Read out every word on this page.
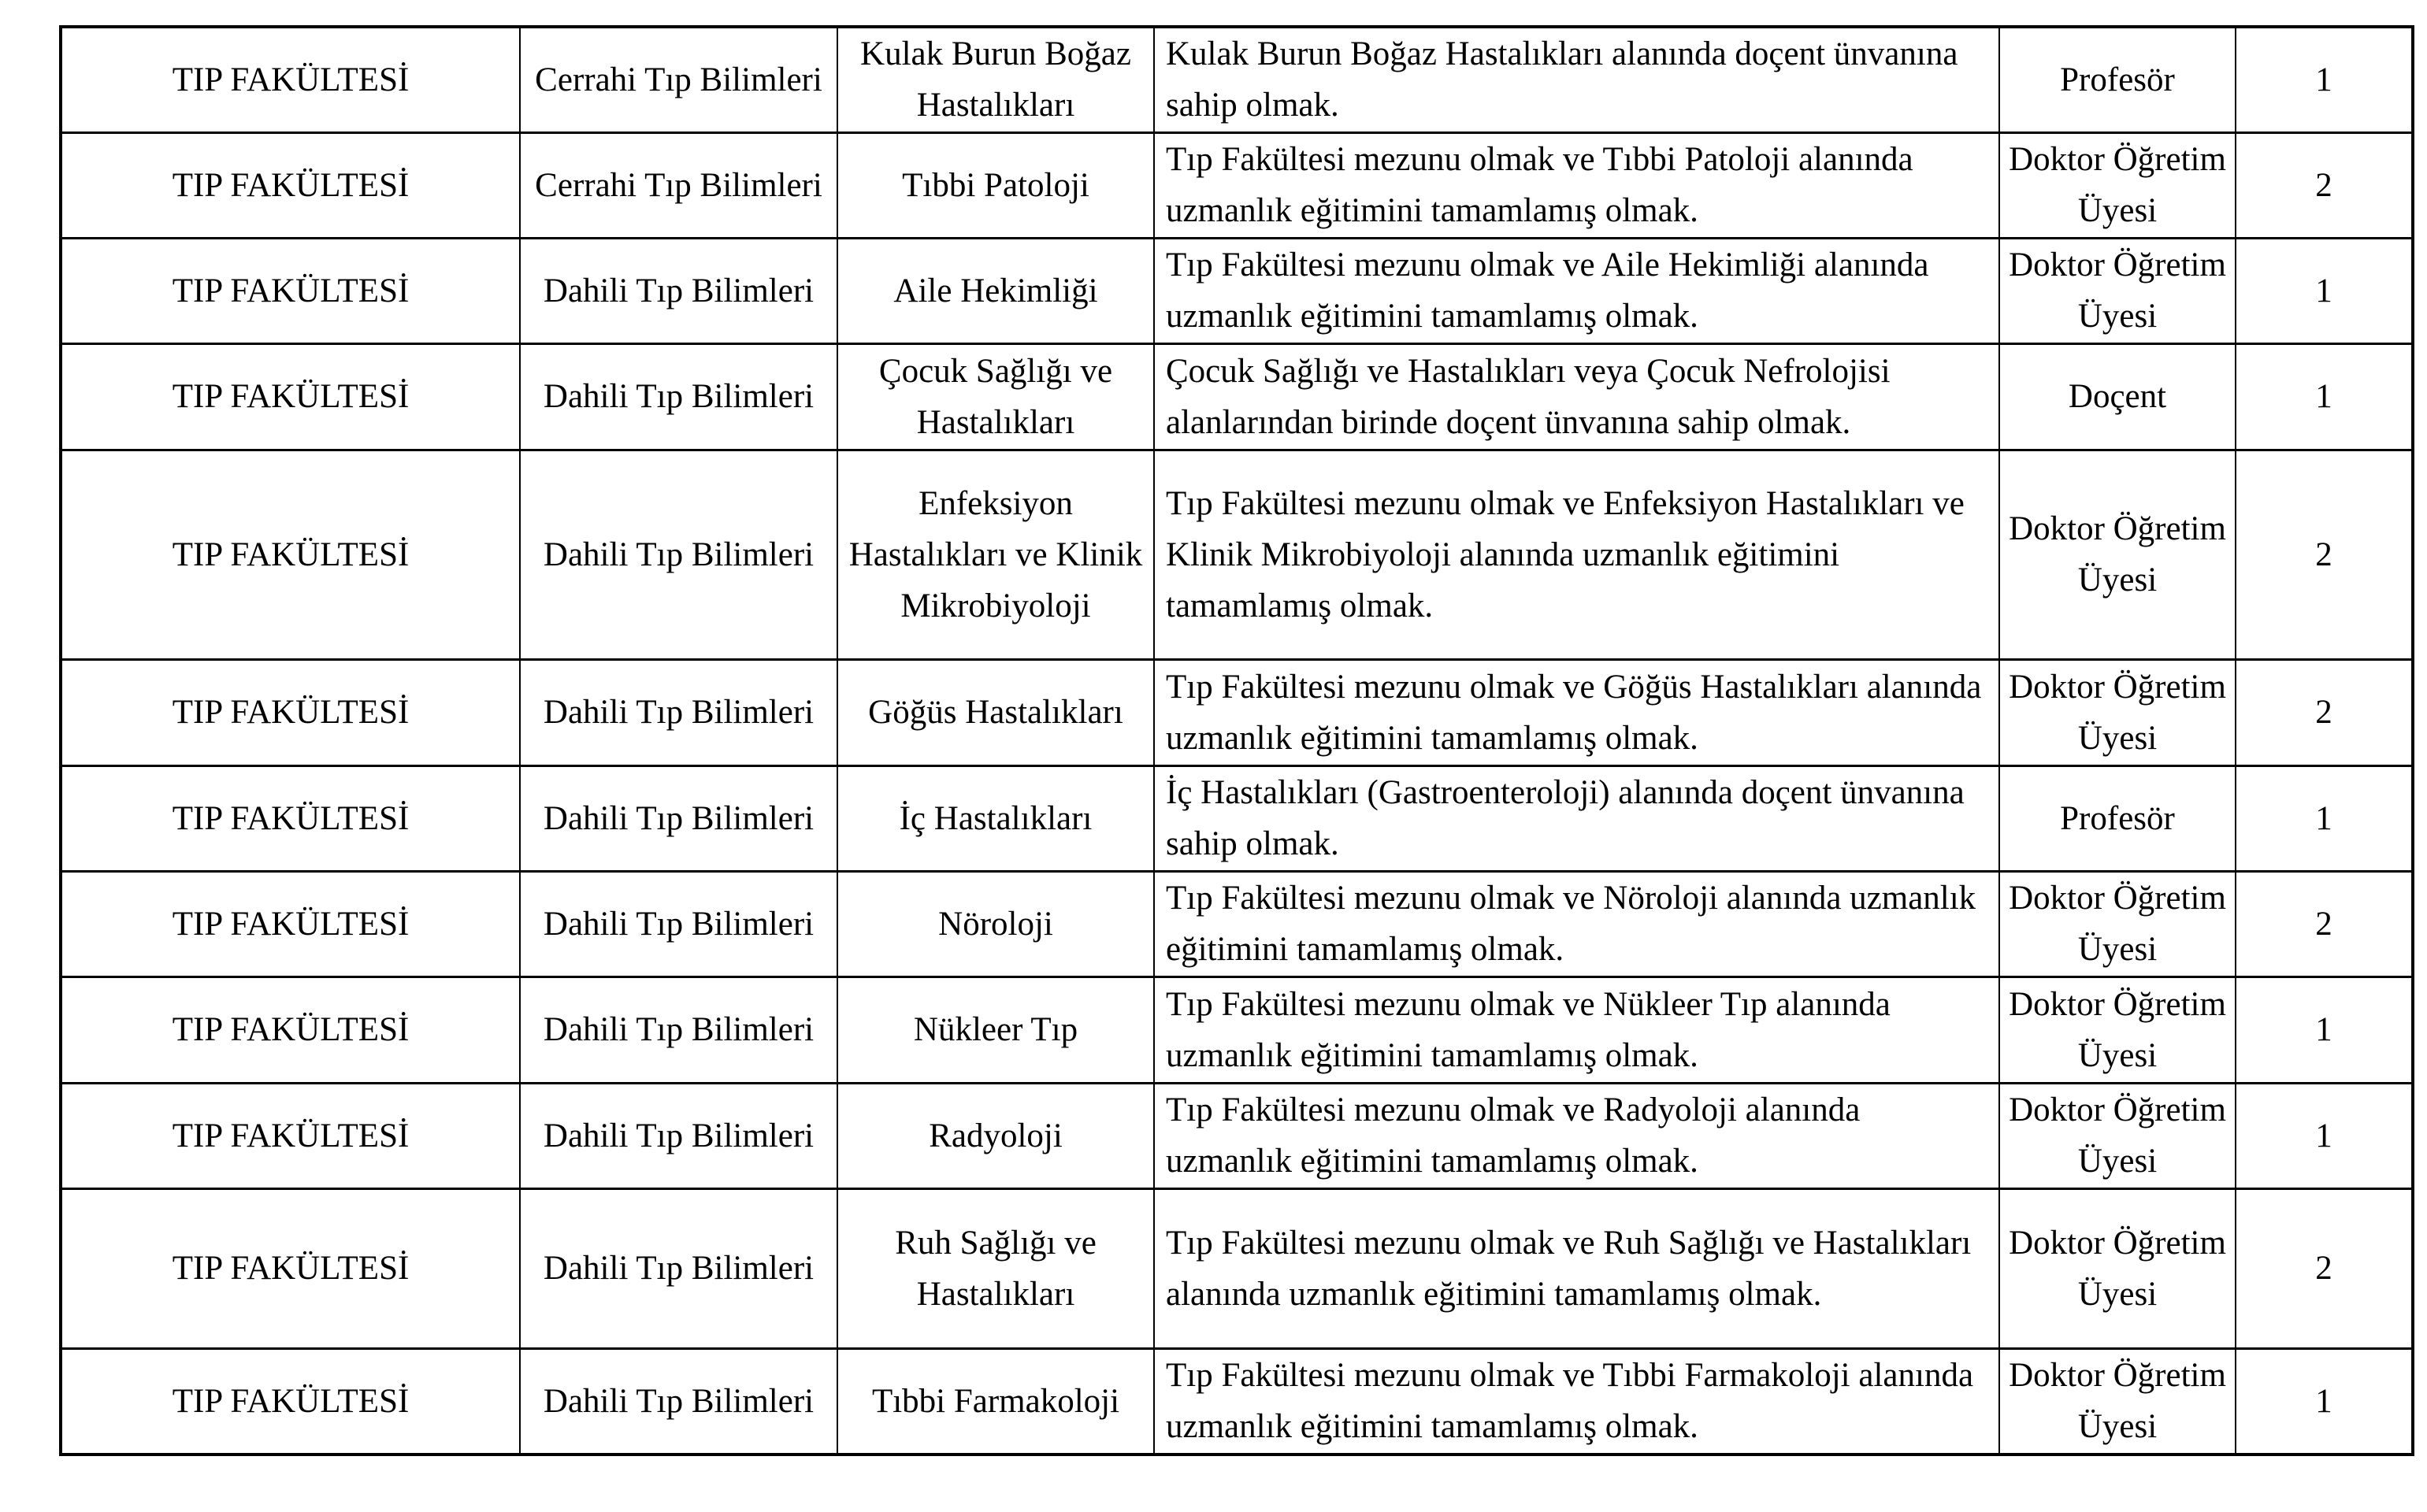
TIP FAKÜLTESİ	Cerrahi Tıp Bilimleri	Kulak Burun Boğaz Hastalıkları	Kulak Burun Boğaz Hastalıkları alanında doçent ünvanına sahip olmak.	Profesör	1
TIP FAKÜLTESİ	Cerrahi Tıp Bilimleri	Tıbbi Patoloji	Tıp Fakültesi mezunu olmak ve Tıbbi Patoloji alanında uzmanlık eğitimini tamamlamış olmak.	Doktor Öğretim Üyesi	2
TIP FAKÜLTESİ	Dahili Tıp Bilimleri	Aile Hekimliği	Tıp Fakültesi mezunu olmak ve Aile Hekimliği alanında uzmanlık eğitimini tamamlamış olmak.	Doktor Öğretim Üyesi	1
TIP FAKÜLTESİ	Dahili Tıp Bilimleri	Çocuk Sağlığı ve Hastalıkları	Çocuk Sağlığı ve Hastalıkları veya Çocuk Nefrolojisi alanlarından birinde doçent ünvanına sahip olmak.	Doçent	1
TIP FAKÜLTESİ	Dahili Tıp Bilimleri	Enfeksiyon Hastalıkları ve Klinik Mikrobiyoloji	Tıp Fakültesi mezunu olmak ve Enfeksiyon Hastalıkları ve Klinik Mikrobiyoloji alanında uzmanlık eğitimini tamamlamış olmak.	Doktor Öğretim Üyesi	2
TIP FAKÜLTESİ	Dahili Tıp Bilimleri	Göğüs Hastalıkları	Tıp Fakültesi mezunu olmak ve Göğüs Hastalıkları alanında uzmanlık eğitimini tamamlamış olmak.	Doktor Öğretim Üyesi	2
TIP FAKÜLTESİ	Dahili Tıp Bilimleri	İç Hastalıkları	İç Hastalıkları (Gastroenteroloji) alanında doçent ünvanına sahip olmak.	Profesör	1
TIP FAKÜLTESİ	Dahili Tıp Bilimleri	Nöroloji	Tıp Fakültesi mezunu olmak ve Nöroloji alanında uzmanlık eğitimini tamamlamış olmak.	Doktor Öğretim Üyesi	2
TIP FAKÜLTESİ	Dahili Tıp Bilimleri	Nükleer Tıp	Tıp Fakültesi mezunu olmak ve Nükleer Tıp alanında uzmanlık eğitimini tamamlamış olmak.	Doktor Öğretim Üyesi	1
TIP FAKÜLTESİ	Dahili Tıp Bilimleri	Radyoloji	Tıp Fakültesi mezunu olmak ve Radyoloji alanında uzmanlık eğitimini tamamlamış olmak.	Doktor Öğretim Üyesi	1
TIP FAKÜLTESİ	Dahili Tıp Bilimleri	Ruh Sağlığı ve Hastalıkları	Tıp Fakültesi mezunu olmak ve Ruh Sağlığı ve Hastalıkları alanında uzmanlık eğitimini tamamlamış olmak.	Doktor Öğretim Üyesi	2
TIP FAKÜLTESİ	Dahili Tıp Bilimleri	Tıbbi Farmakoloji	Tıp Fakültesi mezunu olmak ve Tıbbi Farmakoloji alanında uzmanlık eğitimini tamamlamış olmak.	Doktor Öğretim Üyesi	1
